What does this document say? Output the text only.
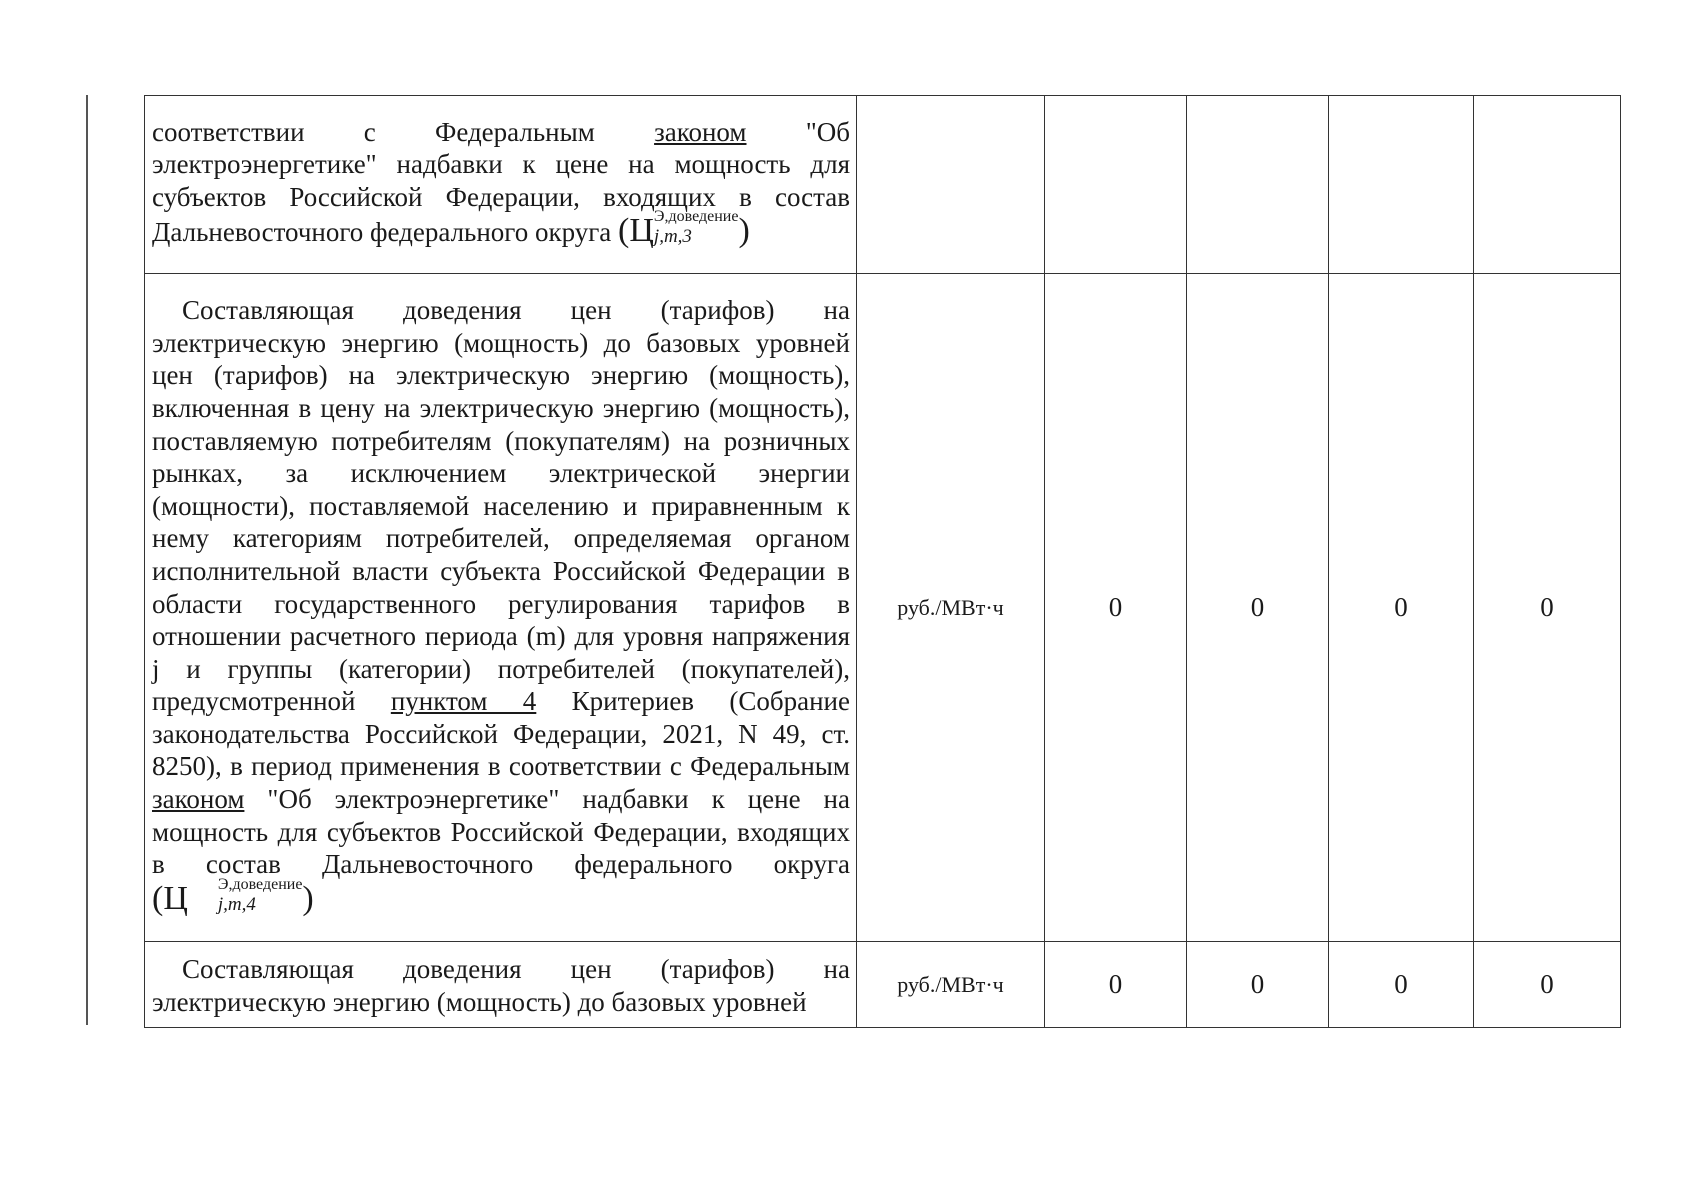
соответствии с Федеральным законом "Об электроэнергетике" надбавки к цене на мощность для субъектов Российской Федерации, входящих в состав Дальневосточного федерального округа (Ц Э,доведение
j,m,3 )					

Составляющая доведения цен (тарифов) на электрическую энергию (мощность) до базовых уровней цен (тарифов) на электрическую энергию (мощность), включенная в цену на электрическую энергию (мощность), поставляемую потребителям (покупателям) на розничных рынках, за исключением электрической энергии (мощности), поставляемой населению и приравненным к нему категориям потребителей, определяемая органом исполнительной власти субъекта Российской Федерации в области государственного регулирования тарифов в отношении расчетного периода (m) для уровня напряжения j и группы (категории) потребителей (покупателей), предусмотренной пунктом 4 Критериев (Собрание законодательства Российской Федерации, 2021, N 49, ст. 8250), в период применения в соответствии с Федеральным законом "Об электроэнергетике" надбавки к цене на мощность для субъектов Российской Федерации, входящих в состав Дальневосточного федерального округа (Ц Э,доведение
j,m,4 )	руб./МВт·ч	0	0	0	0

Составляющая доведения цен (тарифов) на электрическую энергию (мощность) до базовых уровней	руб./МВт·ч	0	0	0	0
